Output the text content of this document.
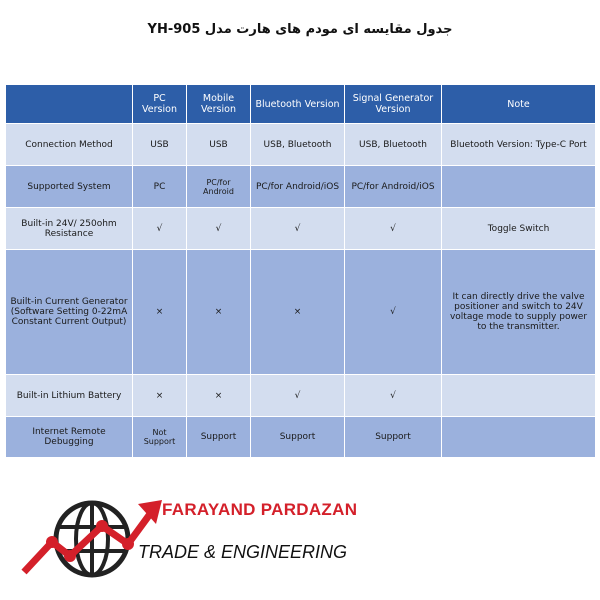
جدول مقایسه ای مودم های هارت مدل YH-905
	PC Version	Mobile Version	Bluetooth Version	Signal Generator Version	Note
Connection Method	USB	USB	USB, Bluetooth	USB, Bluetooth	Bluetooth Version: Type-C Port
Supported System	PC	PC/for Android	PC/for Android/iOS	PC/for Android/iOS	
Built-in 24V/ 250ohm Resistance	√	√	√	√	Toggle Switch
Built-in Current Generator (Software Setting 0-22mA Constant Current Output)	×	×	×	√	It can directly drive the valve positioner and switch to 24V voltage mode to supply power to the transmitter.
Built-in Lithium Battery	×	×	√	√	
Internet Remote Debugging	Not Support	Support	Support	Support	
FARAYAND PARDAZAN
TRADE & ENGINEERING
